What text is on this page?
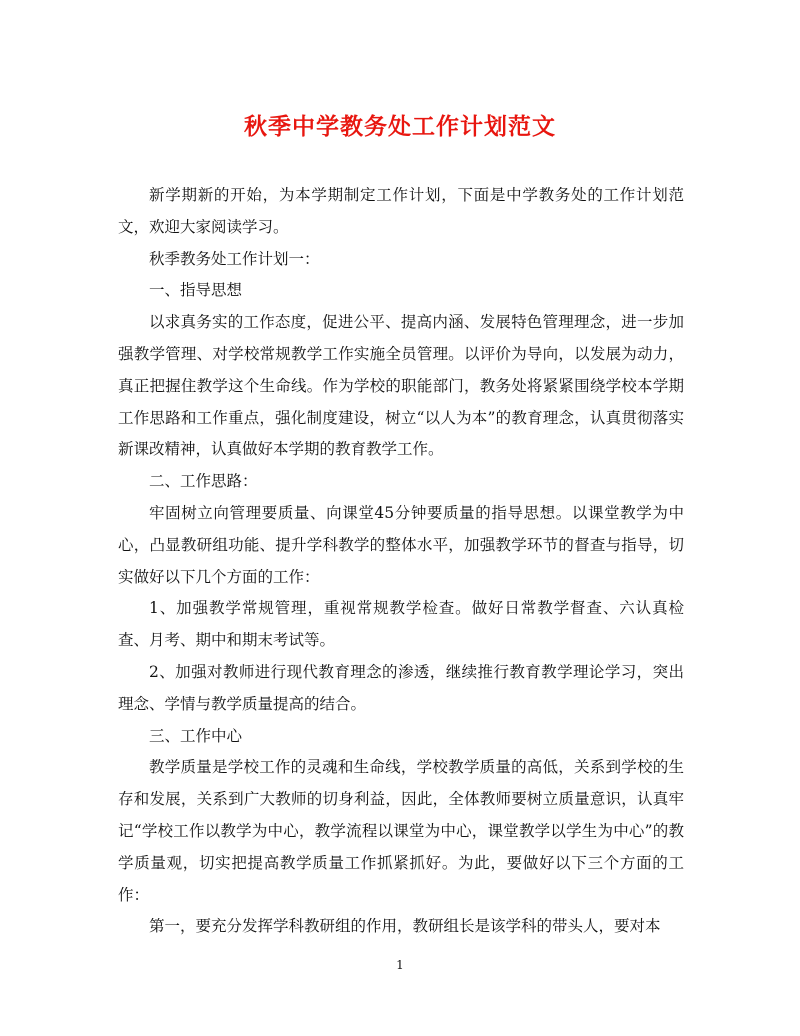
秋季中学教务处工作计划范文

新学期新的开始，为本学期制定工作计划，下面是中学教务处的工作计划范文，欢迎大家阅读学习。

秋季教务处工作计划一：

一、指导思想

以求真务实的工作态度，促进公平、提高内涵、发展特色管理理念，进一步加强教学管理、对学校常规教学工作实施全员管理。以评价为导向，以发展为动力，真正把握住教学这个生命线。作为学校的职能部门，教务处将紧紧围绕学校本学期工作思路和工作重点，强化制度建设，树立“以人为本”的教育理念，认真贯彻落实新课改精神，认真做好本学期的教育教学工作。

二、工作思路：

牢固树立向管理要质量、向课堂45分钟要质量的指导思想。以课堂教学为中心，凸显教研组功能、提升学科教学的整体水平，加强教学环节的督查与指导，切实做好以下几个方面的工作：

1、加强教学常规管理，重视常规教学检查。做好日常教学督查、六认真检查、月考、期中和期末考试等。

2、加强对教师进行现代教育理念的渗透，继续推行教育教学理论学习，突出理念、学情与教学质量提高的结合。

三、工作中心

教学质量是学校工作的灵魂和生命线，学校教学质量的高低，关系到学校的生存和发展，关系到广大教师的切身利益，因此，全体教师要树立质量意识，认真牢记“学校工作以教学为中心，教学流程以课堂为中心，课堂教学以学生为中心”的教学质量观，切实把提高教学质量工作抓紧抓好。为此，要做好以下三个方面的工作：

第一，要充分发挥学科教研组的作用，教研组长是该学科的带头人，要对本

1
